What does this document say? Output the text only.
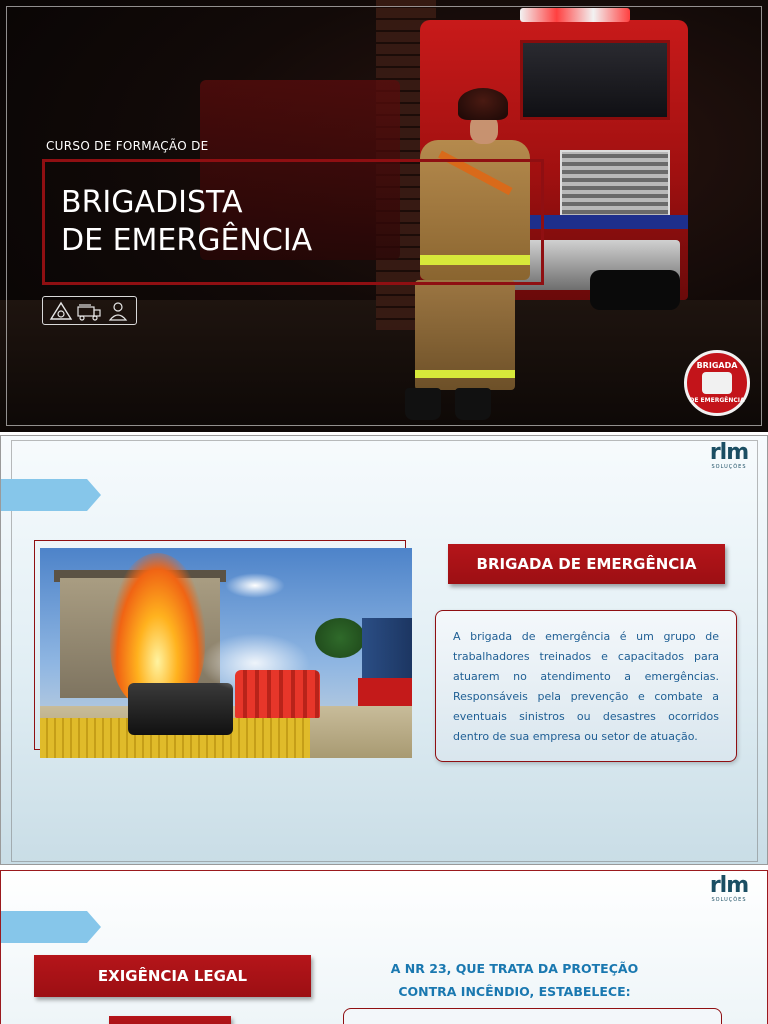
CURSO DE FORMAÇÃO DE
BRIGADISTA
DE EMERGÊNCIA
BRIGADA
DE EMERGÊNCIA
rlm
SOLUÇÕES
BRIGADA DE EMERGÊNCIA

A brigada de emergência é um grupo de trabalhadores treinados e capacitados para atuarem no atendimento a emergências. Responsáveis pela prevenção e combate a eventuais sinistros ou desastres ocorridos dentro de sua empresa ou setor de atuação.

rlm
SOLUÇÕES
EXIGÊNCIA LEGAL	A NR 23, QUE TRATA DA PROTEÇÃO
CONTRA INCÊNDIO, ESTABELECE:
